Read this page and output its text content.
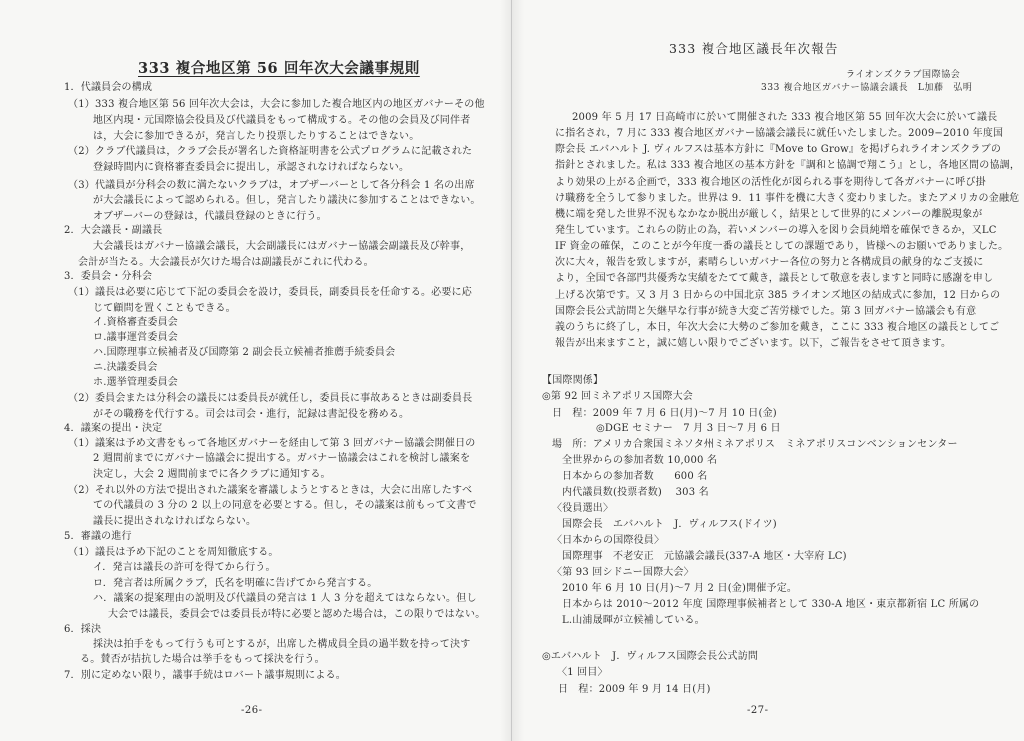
333 複合地区第 56 回年次大会議事規則
1．代議員会の構成
（1）333 複合地区第 56 回年次大会は，大会に参加した複合地区内の地区ガバナーその他
地区内現・元国際協会役員及び代議員をもって構成する。その他の会員及び同伴者
は，大会に参加できるが，発言したり投票したりすることはできない。
（2）クラブ代議員は，クラブ会長が署名した資格証明書を公式プログラムに記載された
登録時間内に資格審査委員会に提出し，承認されなければならない。
（3）代議員が分科会の数に満たないクラブは，オブザーバーとして各分科会 1 名の出席
が大会議長によって認められる。但し，発言したり議決に参加することはできない。
オブザーバーの登録は，代議員登録のときに行う。
2．大会議長・副議長
大会議長はガバナー協議会議長，大会副議長にはガバナー協議会副議長及び幹事，
会計が当たる。大会議長が欠けた場合は副議長がこれに代わる。
3．委員会・分科会
（1）議長は必要に応じて下記の委員会を設け，委員長，副委員長を任命する。必要に応
じて顧問を置くこともできる。
イ.資格審査委員会
ロ.議事運営委員会
ハ.国際理事立候補者及び国際第 2 副会長立候補者推薦手続委員会
ニ.決議委員会
ホ.選挙管理委員会
（2）委員会または分科会の議長には委員長が就任し，委員長に事故あるときは副委員長
がその職務を代行する。司会は司会・進行，記録は書記役を務める。
4．議案の提出・決定
（1）議案は予め文書をもって各地区ガバナーを経由して第 3 回ガバナー協議会開催日の
2 週間前までにガバナー協議会に提出する。ガバナー協議会はこれを検討し議案を
決定し，大会 2 週間前までに各クラブに通知する。
（2）それ以外の方法で提出された議案を審議しようとするときは，大会に出席したすべ
ての代議員の 3 分の 2 以上の同意を必要とする。但し，その議案は前もって文書で
議長に提出されなければならない。
5．審議の進行
（1）議長は予め下記のことを周知徹底する。
イ．発言は議長の許可を得てから行う。
ロ．発言者は所属クラブ，氏名を明確に告げてから発言する。
ハ．議案の提案理由の説明及び代議員の発言は 1 人 3 分を超えてはならない。但し
大会では議長，委員会では委員長が特に必要と認めた場合は，この限りではない。
6．採決
採決は拍手をもって行うも可とするが，出席した構成員全員の過半数を持って決す
る。賛否が拮抗した場合は挙手をもって採決を行う。
7．別に定めない限り，議事手続はロバート議事規則による。
-26-	-27-
333 複合地区議長年次報告
ライオンズクラブ国際協会
333 複合地区ガバナー協議会議長　L加藤　弘明
2009 年 5 月 17 日高崎市に於いて開催された 333 複合地区第 55 回年次大会に於いて議長
に指名され，7 月に 333 複合地区ガバナー協議会議長に就任いたしました。2009−2010 年度国
際会長 エバハルト J. ヴィルフスは基本方針に『Move to Grow』を掲げられライオンズクラブの
指針とされました。私は 333 複合地区の基本方針を『調和と協調で翔こう』とし，各地区間の協調，
より効果の上がる企画で，333 複合地区の活性化が図られる事を期待して各ガバナーに呼び掛
け職務を全うして参りました。世界は 9．11 事件を機に大きく変わりました。またアメリカの金融危
機に端を発した世界不況もなかなか脱出が厳しく，結果として世界的にメンバーの離脱現象が
発生しています。これらの防止の為，若いメンバーの導入を図り会員純増を確保できるか，又LC
IF 資金の確保，このことが今年度一番の議長としての課題であり，皆様へのお願いでありました。
次に大々，報告を致しますが，素晴らしいガバナー各位の努力と各構成員の献身的なご支援に
より，全国で各部門共優秀な実績をたてて戴き，議長として敬意を表しますと同時に感謝を申し
上げる次第です。又 3 月 3 日からの中国北京 385 ライオンズ地区の結成式に参加，12 日からの
国際会長公式訪問と矢継早な行事が続き大変ご苦労様でした。第 3 回ガバナー協議会も有意
義のうちに終了し，本日，年次大会に大勢のご参加を戴き，ここに 333 複合地区の議長としてご
報告が出来ますこと，誠に嬉しい限りでございます。以下，ご報告をさせて頂きます。
【国際関係】
◎第 92 回ミネアポリス国際大会
日　程：2009 年 7 月 6 日(月)〜7 月 10 日(金)
◎DGE セミナー　7 月 3 日〜7 月 6 日
場　所：アメリカ合衆国ミネソタ州ミネアポリス　ミネアポリスコンベンションセンター
全世界からの参加者数 10,000 名
日本からの参加者数　　600 名
内代議員数(投票者数)　 303 名
〈役員選出〉
国際会長　エバハルト　J．ヴィルフス(ドイツ)
〈日本からの国際役員〉
国際理事　不老安正　元協議会議長(337-A 地区・大宰府 LC)
〈第 93 回シドニー国際大会〉
2010 年 6 月 10 日(月)〜7 月 2 日(金)開催予定。
日本からは 2010〜2012 年度 国際理事候補者として 330-A 地区・東京都新宿 LC 所属の
L.山浦晟暉が立候補している。
◎エバハルト　J．ヴィルフス国際会長公式訪問
〈1 回目〉
日　程：2009 年 9 月 14 日(月)
